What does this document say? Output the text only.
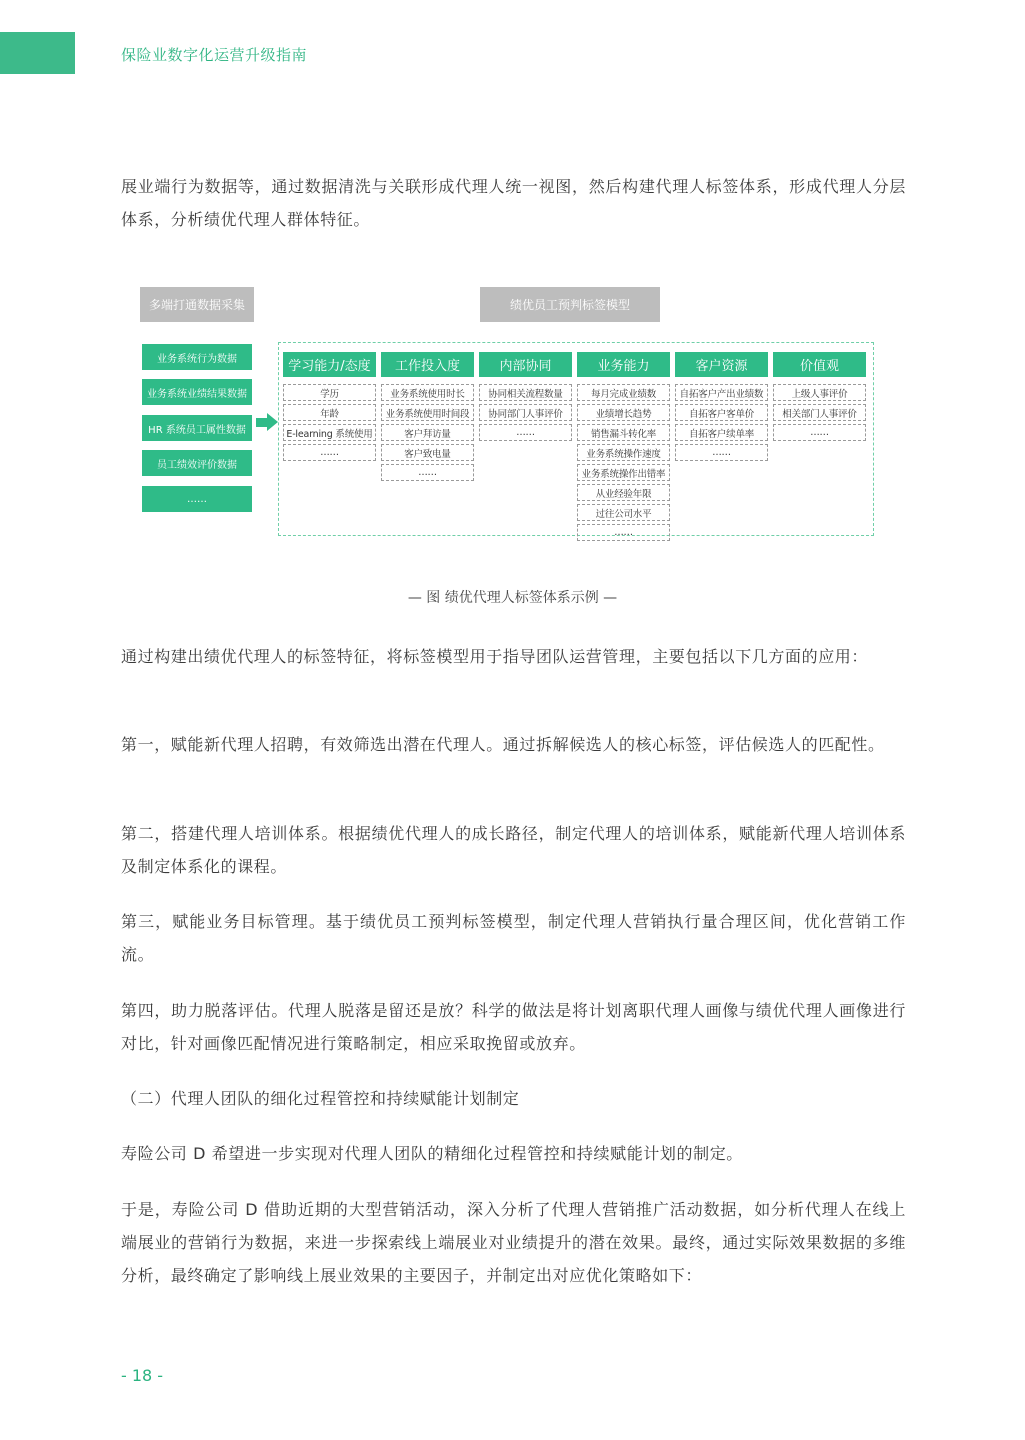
保险业数字化运营升级指南

展业端行为数据等，通过数据清洗与关联形成代理人统一视图，然后构建代理人标签体系，形成代理人分层体系，分析绩优代理人群体特征。

多端打通数据采集	绩优员工预判标签模型
业务系统行为数据
业务系统业绩结果数据
HR 系统员工属性数据
员工绩效评价数据
……
学习能力/态度
学历
年龄
E-learning 系统使用
……
工作投入度
业务系统使用时长
业务系统使用时间段
客户拜访量
客户致电量
……
内部协同
协同相关流程数量
协同部门人事评价
……
业务能力
每月完成业绩数
业绩增长趋势
销售漏斗转化率
业务系统操作速度
业务系统操作出错率
从业经验年限
过往公司水平
……
客户资源
自拓客户产出业绩数
自拓客户客单价
自拓客户续单率
……
价值观
上级人事评价
相关部门人事评价
……
— 图 绩优代理人标签体系示例 —

通过构建出绩优代理人的标签特征，将标签模型用于指导团队运营管理，主要包括以下几方面的应用：

第一，赋能新代理人招聘，有效筛选出潜在代理人。通过拆解候选人的核心标签，评估候选人的匹配性。

第二，搭建代理人培训体系。根据绩优代理人的成长路径，制定代理人的培训体系，赋能新代理人培训体系及制定体系化的课程。

第三，赋能业务目标管理。基于绩优员工预判标签模型，制定代理人营销执行量合理区间，优化营销工作流。

第四，助力脱落评估。代理人脱落是留还是放？科学的做法是将计划离职代理人画像与绩优代理人画像进行对比，针对画像匹配情况进行策略制定，相应采取挽留或放弃。

（二）代理人团队的细化过程管控和持续赋能计划制定

寿险公司 D 希望进一步实现对代理人团队的精细化过程管控和持续赋能计划的制定。

于是，寿险公司 D 借助近期的大型营销活动，深入分析了代理人营销推广活动数据，如分析代理人在线上端展业的营销行为数据，来进一步探索线上端展业对业绩提升的潜在效果。最终，通过实际效果数据的多维分析，最终确定了影响线上展业效果的主要因子，并制定出对应优化策略如下：

- 18 -
